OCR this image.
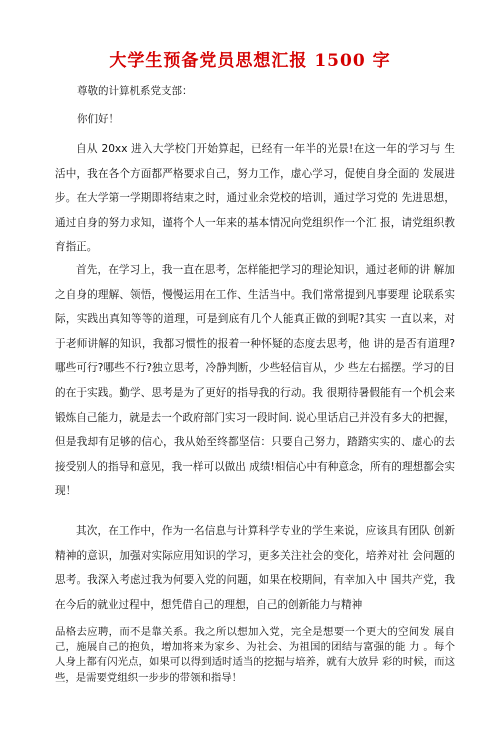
大学生预备党员思想汇报 1500 字

尊敬的计算机系党支部：

你们好！

自从 20xx 进入大学校门开始算起，已经有一年半的光景!在这一年的学习与 生活中，我在各个方面都严格要求自己，努力工作，虚心学习，促使自身全面的 发展进步。在大学第一学期即将结束之时，通过业余党校的培训，通过学习党的 先进思想，通过自身的努力求知，谨将个人一年来的基本情况向党组织作一个汇 报，请党组织教育指正。

首先，在学习上，我一直在思考，怎样能把学习的理论知识，通过老师的讲 解加之自身的理解、领悟，慢慢运用在工作、生活当中。我们常常提到凡事要理 论联系实际，实践出真知等等的道理，可是到底有几个人能真正做的到呢?其实 一直以来，对于老师讲解的知识，我都习惯性的报着一种怀疑的态度去思考，他 讲的是否有道理?哪些可行?哪些不行?独立思考，冷静判断，少些轻信盲从，少 些左右摇摆。学习的目的在于实践。勤学、思考是为了更好的指导我的行动。我 很期待暑假能有一个机会来锻炼自己能力，就是去一个政府部门实习一段时间. 说心里话启己并没有多大的把握，但是我却有足够的信心，我从始至终都坚信：只要自己努力，踏踏实实的、虚心的去接受别人的指导和意见，我一样可以做出 成绩!相信心中有种意念，所有的理想都会实现！

其次，在工作中，作为一名信息与计算科学专业的学生来说，应该具有团队 创新精神的意识，加强对实际应用知识的学习，更多关注社会的变化，培养对社 会问题的思考。我深入考虑过我为何要入党的问题，如果在校期间，有幸加入中 国共产党，我在今后的就业过程中，想凭借自己的理想，自己的创新能力与精神

品格去应聘，而不是靠关系。我之所以想加入党，完全是想要一个更大的空间发 展自己，施展自己的抱负，增加将来为家乡、为社会、为祖国的团结与富强的能 力 。每个人身上都有闪光点，如果可以得到适时适当的挖掘与培养，就有大放异 彩的时候，而这些，是需要党组织一步步的带领和指导！
